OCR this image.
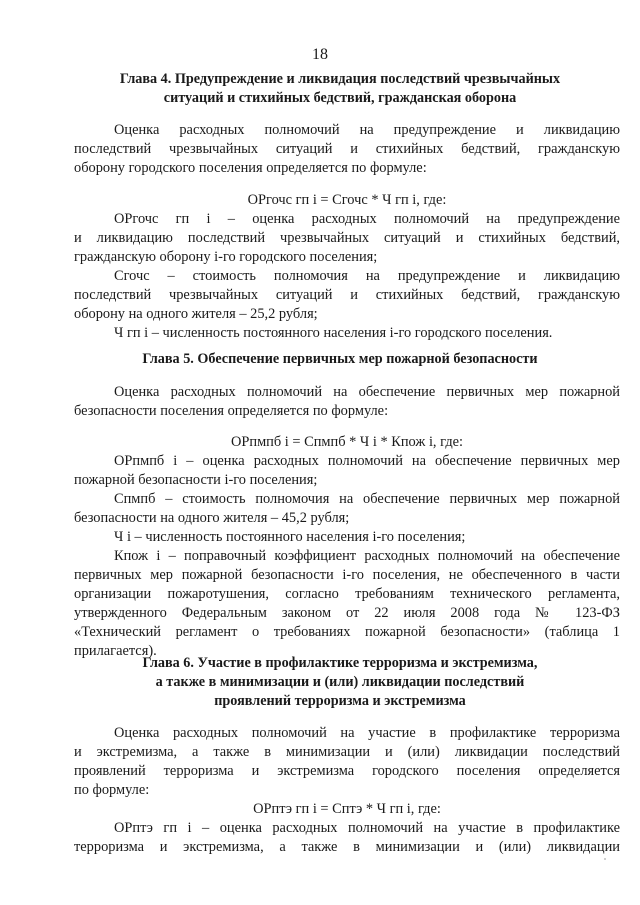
18
Глава 4. Предупреждение и ликвидация последствий чрезвычайных
ситуаций и стихийных бедствий, гражданская оборона
Оценка расходных полномочий на предупреждение и ликвидацию
последствий чрезвычайных ситуаций и стихийных бедствий, гражданскую
оборону городского поселения определяется по формуле:
ОРгочс гп i = Сгочс * Ч гп i, где:
ОРгочс гп i – оценка расходных полномочий на предупреждение
и ликвидацию последствий чрезвычайных ситуаций и стихийных бедствий,
гражданскую оборону i-го городского поселения;
Сгочс – стоимость полномочия на предупреждение и ликвидацию
последствий чрезвычайных ситуаций и стихийных бедствий, гражданскую
оборону на одного жителя – 25,2 рубля;
Ч гп i – численность постоянного населения i-го городского поселения.
Глава 5. Обеспечение первичных мер пожарной безопасности
Оценка расходных полномочий на обеспечение первичных мер пожарной
безопасности поселения определяется по формуле:
ОРпмпб i = Спмпб * Ч i * Кпож i, где:
ОРпмпб i – оценка расходных полномочий на обеспечение первичных мер
пожарной безопасности i-го поселения;
Спмпб – стоимость полномочия на обеспечение первичных мер пожарной
безопасности на одного жителя – 45,2 рубля;
Ч i – численность постоянного населения i-го поселения;
Кпож i – поправочный коэффициент расходных полномочий на обеспечение
первичных мер пожарной безопасности i-го поселения, не обеспеченного в части
организации пожаротушения, согласно требованиям технического регламента,
утвержденного Федеральным законом от 22 июля 2008 года № 123-ФЗ
«Технический регламент о требованиях пожарной безопасности» (таблица 1
прилагается).
Глава 6. Участие в профилактике терроризма и экстремизма,
а также в минимизации и (или) ликвидации последствий
проявлений терроризма и экстремизма
Оценка расходных полномочий на участие в профилактике терроризма
и экстремизма, а также в минимизации и (или) ликвидации последствий
проявлений терроризма и экстремизма городского поселения определяется
по формуле:
ОРптэ гп i = Сптэ * Ч гп i, где:
ОРптэ гп i – оценка расходных полномочий на участие в профилактике
терроризма и экстремизма, а также в минимизации и (или) ликвидации
